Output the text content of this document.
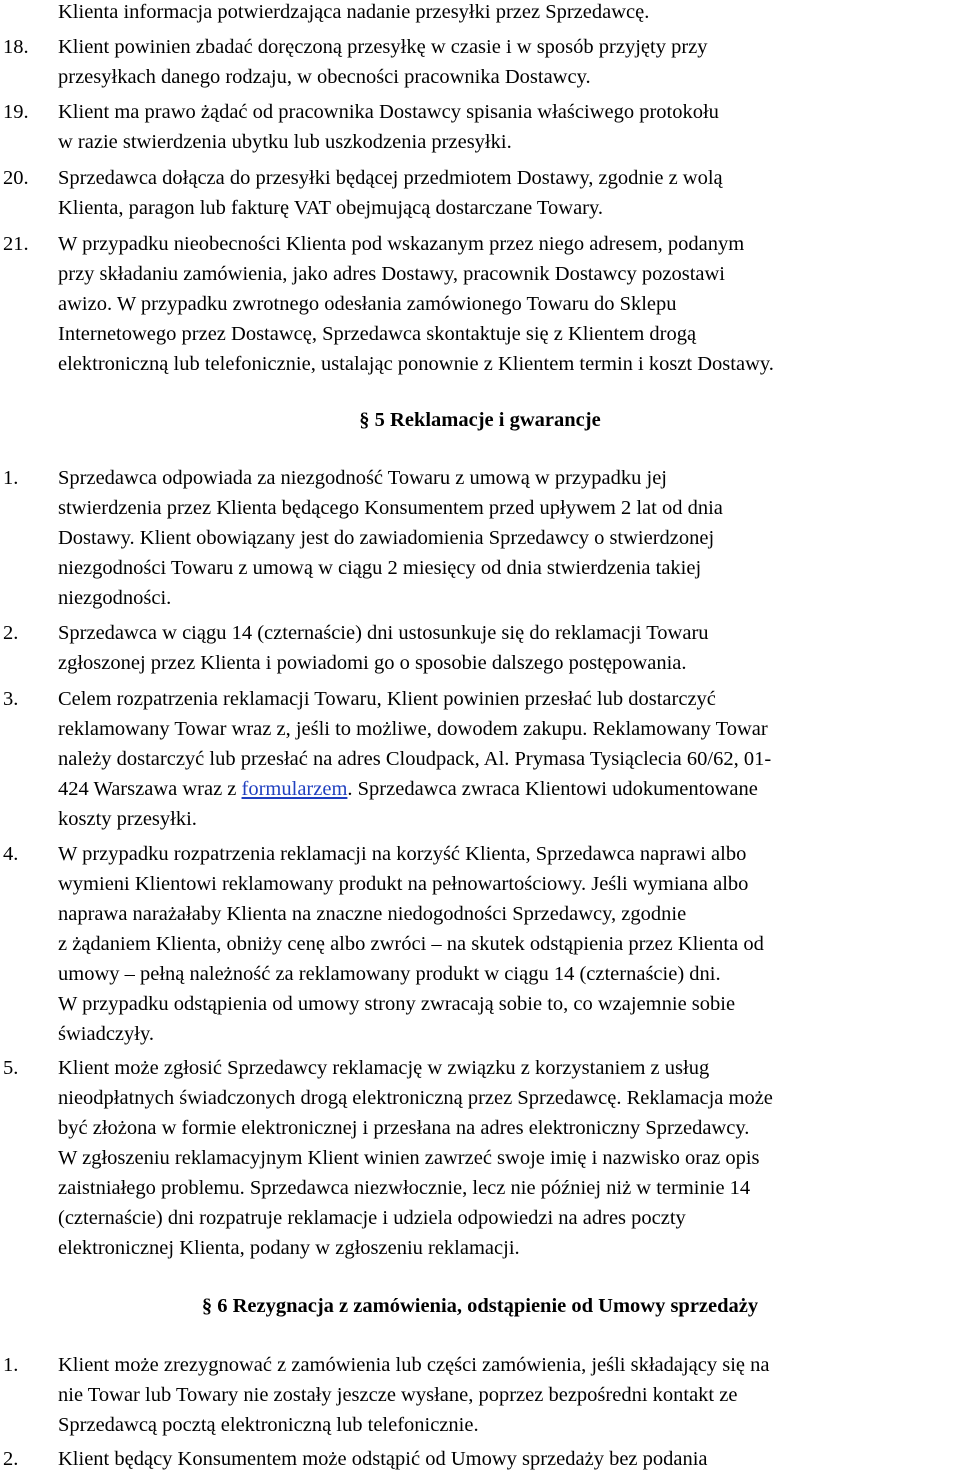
Klienta informacja potwierdzająca nadanie przesyłki przez Sprzedawcę.
18. Klient powinien zbadać doręczoną przesyłkę w czasie i w sposób przyjęty przy
przesyłkach danego rodzaju, w obecności pracownika Dostawcy.
19. Klient ma prawo żądać od pracownika Dostawcy spisania właściwego protokołu
w razie stwierdzenia ubytku lub uszkodzenia przesyłki.
20. Sprzedawca dołącza do przesyłki będącej przedmiotem Dostawy, zgodnie z wolą
Klienta, paragon lub fakturę VAT obejmującą dostarczane Towary.
21. W przypadku nieobecności Klienta pod wskazanym przez niego adresem, podanym
przy składaniu zamówienia, jako adres Dostawy, pracownik Dostawcy pozostawi
awizo. W przypadku zwrotnego odesłania zamówionego Towaru do Sklepu
Internetowego przez Dostawcę, Sprzedawca skontaktuje się z Klientem drogą
elektroniczną lub telefonicznie, ustalając ponownie z Klientem termin i koszt Dostawy.
§ 5 Reklamacje i gwarancje
1. Sprzedawca odpowiada za niezgodność Towaru z umową w przypadku jej
stwierdzenia przez Klienta będącego Konsumentem przed upływem 2 lat od dnia
Dostawy. Klient obowiązany jest do zawiadomienia Sprzedawcy o stwierdzonej
niezgodności Towaru z umową w ciągu 2 miesięcy od dnia stwierdzenia takiej
niezgodności.
2. Sprzedawca w ciągu 14 (czternaście) dni ustosunkuje się do reklamacji Towaru
zgłoszonej przez Klienta i powiadomi go o sposobie dalszego postępowania.
3. Celem rozpatrzenia reklamacji Towaru, Klient powinien przesłać lub dostarczyć
reklamowany Towar wraz z, jeśli to możliwe, dowodem zakupu. Reklamowany Towar
należy dostarczyć lub przesłać na adres Cloudpack, Al. Prymasa Tysiąclecia 60/62, 01-
424 Warszawa wraz z formularzem. Sprzedawca zwraca Klientowi udokumentowane
koszty przesyłki.
4. W przypadku rozpatrzenia reklamacji na korzyść Klienta, Sprzedawca naprawi albo
wymieni Klientowi reklamowany produkt na pełnowartościowy. Jeśli wymiana albo
naprawa narażałaby Klienta na znaczne niedogodności Sprzedawcy, zgodnie
z żądaniem Klienta, obniży cenę albo zwróci – na skutek odstąpienia przez Klienta od
umowy – pełną należność za reklamowany produkt w ciągu 14 (czternaście) dni.
W przypadku odstąpienia od umowy strony zwracają sobie to, co wzajemnie sobie
świadczyły.
5. Klient może zgłosić Sprzedawcy reklamację w związku z korzystaniem z usług
nieodpłatnych świadczonych drogą elektroniczną przez Sprzedawcę. Reklamacja może
być złożona w formie elektronicznej i przesłana na adres elektroniczny Sprzedawcy.
W zgłoszeniu reklamacyjnym Klient winien zawrzeć swoje imię i nazwisko oraz opis
zaistniałego problemu. Sprzedawca niezwłocznie, lecz nie później niż w terminie 14
(czternaście) dni rozpatruje reklamacje i udziela odpowiedzi na adres poczty
elektronicznej Klienta, podany w zgłoszeniu reklamacji.
§ 6 Rezygnacja z zamówienia, odstąpienie od Umowy sprzedaży
1. Klient może zrezygnować z zamówienia lub części zamówienia, jeśli składający się na
nie Towar lub Towary nie zostały jeszcze wysłane, poprzez bezpośredni kontakt ze
Sprzedawcą pocztą elektroniczną lub telefonicznie.
2. Klient będący Konsumentem może odstąpić od Umowy sprzedaży bez podania
